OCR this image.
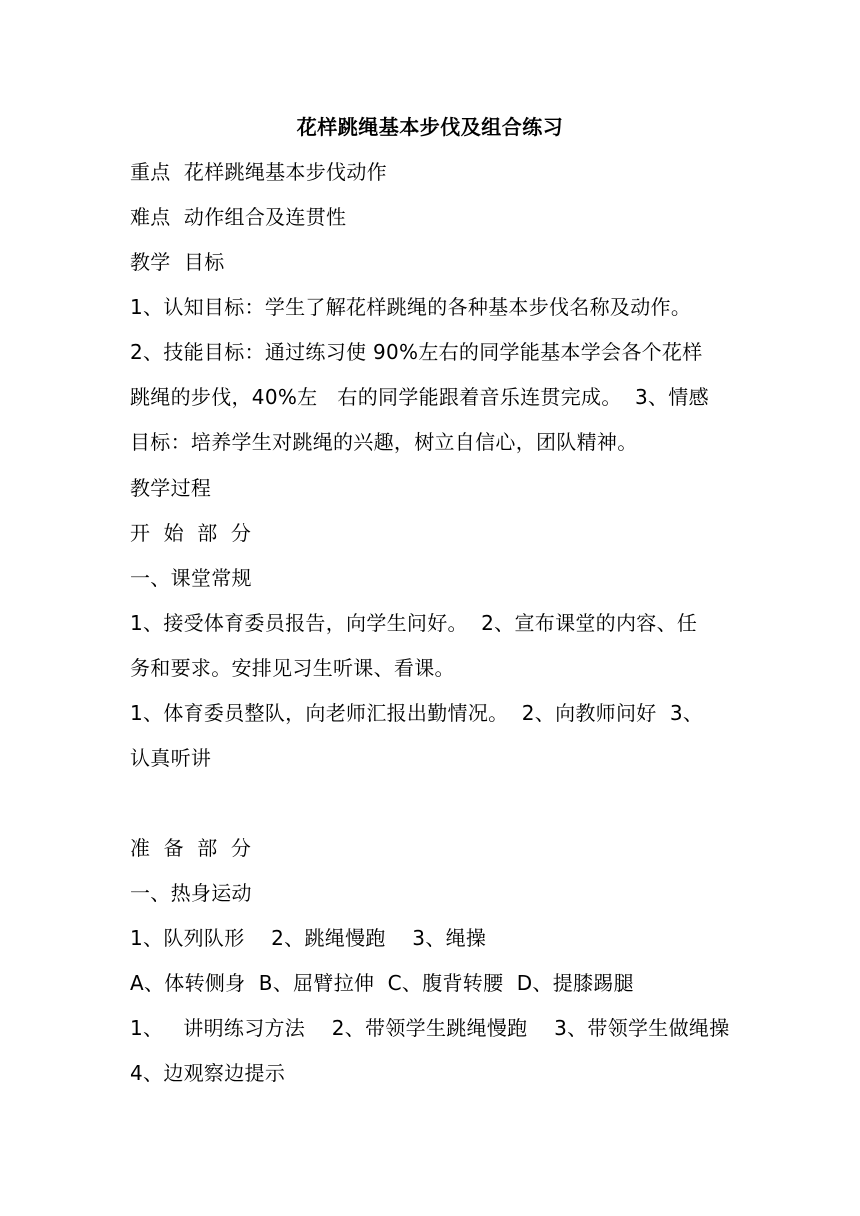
花样跳绳基本步伐及组合练习
重点  花样跳绳基本步伐动作
难点  动作组合及连贯性
教学  目标
1、认知目标：学生了解花样跳绳的各种基本步伐名称及动作。
2、技能目标：通过练习使 90%左右的同学能基本学会各个花样
跳绳的步伐，40%左   右的同学能跟着音乐连贯完成。  3、情感
目标：培养学生对跳绳的兴趣，树立自信心，团队精神。
教学过程
开  始  部  分
一、课堂常规
1、接受体育委员报告，向学生问好。  2、宣布课堂的内容、任
务和要求。安排见习生听课、看课。
1、体育委员整队，向老师汇报出勤情况。  2、向教师问好  3、
认真听讲
准  备  部  分
一、热身运动
1、队列队形    2、跳绳慢跑    3、绳操
A、体转侧身  B、屈臂拉伸  C、腹背转腰  D、提膝踢腿
1、   讲明练习方法    2、带领学生跳绳慢跑    3、带领学生做绳操
4、边观察边提示
